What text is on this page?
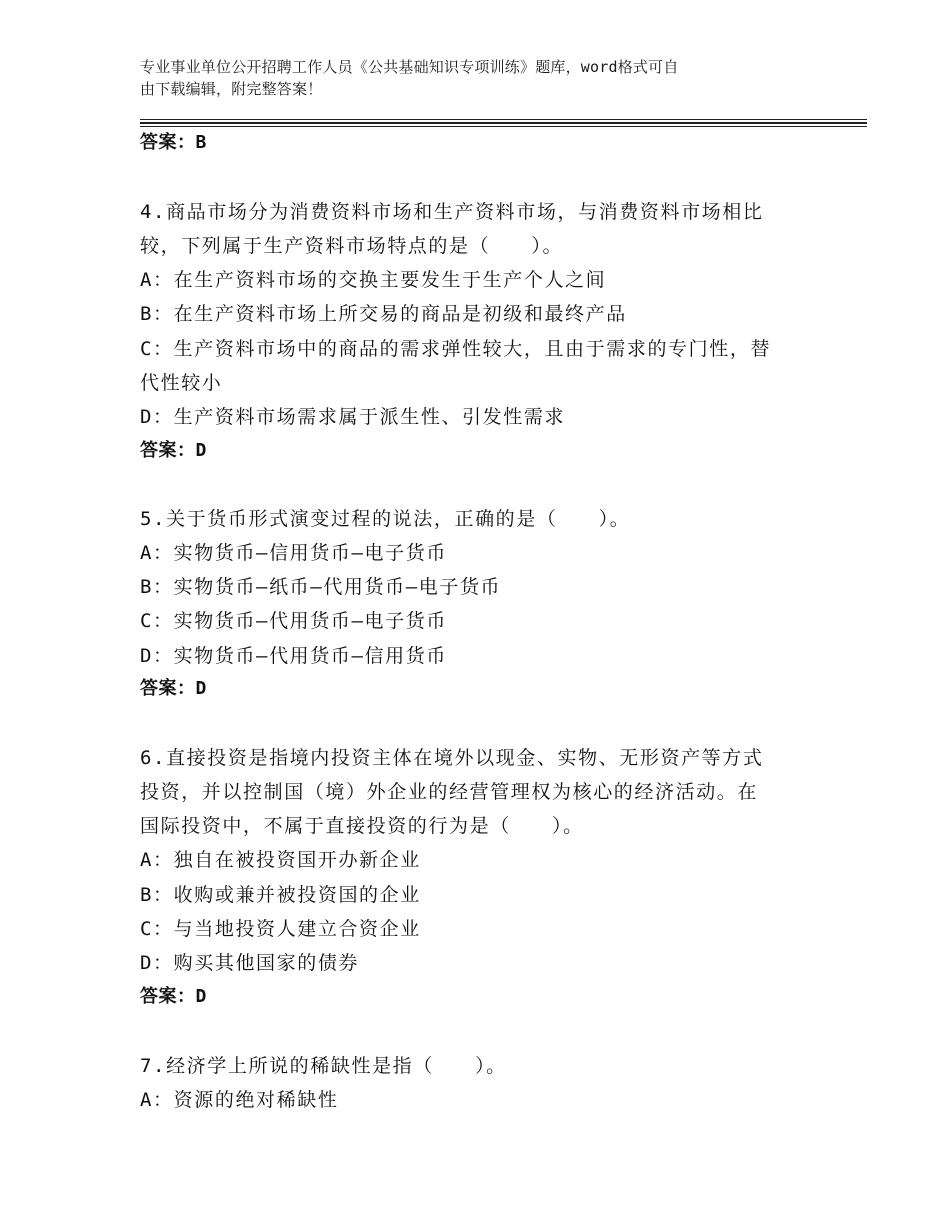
专业事业单位公开招聘工作人员《公共基础知识专项训练》题库，word格式可自
由下载编辑，附完整答案！
答案：B
4.商品市场分为消费资料市场和生产资料市场，与消费资料市场相比
较，下列属于生产资料市场特点的是（　　）。
A：在生产资料市场的交换主要发生于生产个人之间
B：在生产资料市场上所交易的商品是初级和最终产品
C：生产资料市场中的商品的需求弹性较大，且由于需求的专门性，替
代性较小
D：生产资料市场需求属于派生性、引发性需求
答案：D
5.关于货币形式演变过程的说法，正确的是（　　）。
A：实物货币—信用货币—电子货币
B：实物货币—纸币—代用货币—电子货币
C：实物货币—代用货币—电子货币
D：实物货币—代用货币—信用货币
答案：D
6.直接投资是指境内投资主体在境外以现金、实物、无形资产等方式
投资，并以控制国（境）外企业的经营管理权为核心的经济活动。在
国际投资中，不属于直接投资的行为是（　　）。
A：独自在被投资国开办新企业
B：收购或兼并被投资国的企业
C：与当地投资人建立合资企业
D：购买其他国家的债券
答案：D
7.经济学上所说的稀缺性是指（　　）。
A：资源的绝对稀缺性
